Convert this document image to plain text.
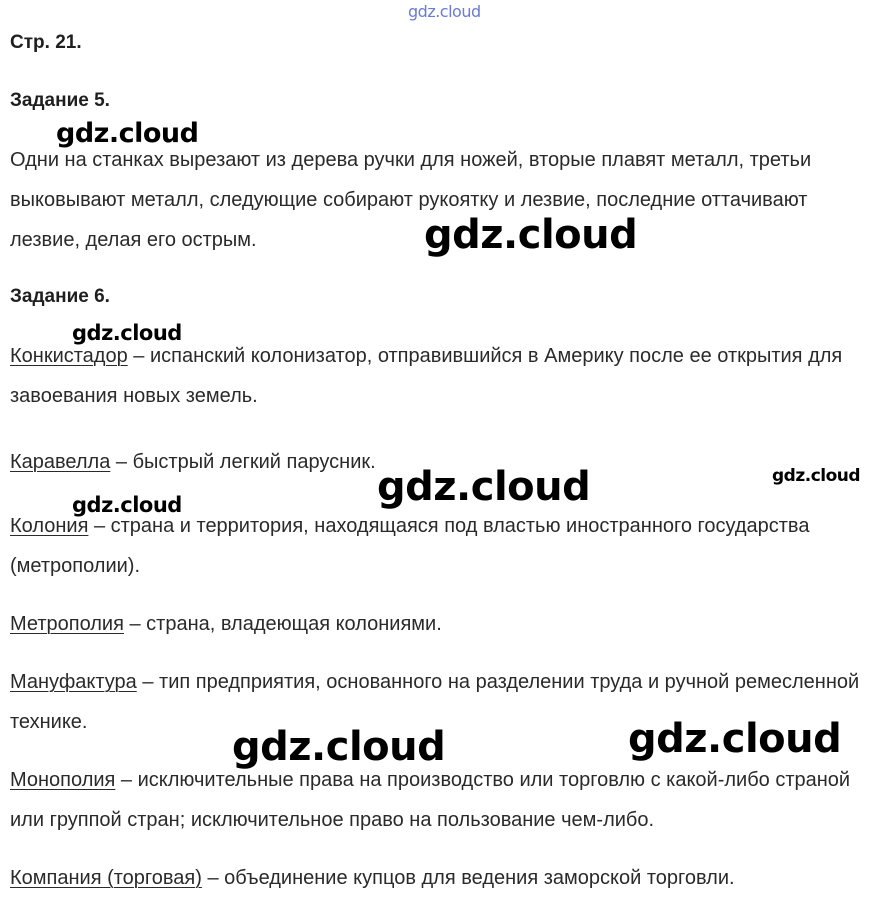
gdz.cloud
Стр. 21.
Задание 5.
Одни на станках вырезают из дерева ручки для ножей, вторые плавят металл, третьи выковывают металл, следующие собирают рукоятку и лезвие, последние оттачивают лезвие, делая его острым.
Задание 6.
Конкистадор – испанский колонизатор, отправившийся в Америку после ее открытия для завоевания новых земель.
Каравелла – быстрый легкий парусник.
Колония – страна и территория, находящаяся под властью иностранного государства (метрополии).
Метрополия – страна, владеющая колониями.
Мануфактура – тип предприятия, основанного на разделении труда и ручной ремесленной технике.
Монополия – исключительные права на производство или торговлю с какой-либо страной или группой стран; исключительное право на пользование чем-либо.
Компания (торговая) – объединение купцов для ведения заморской торговли.
gdz.cloud
gdz.cloud
gdz.cloud
gdz.cloud	gdz.cloud
gdz.cloud
gdz.cloud	gdz.cloud
